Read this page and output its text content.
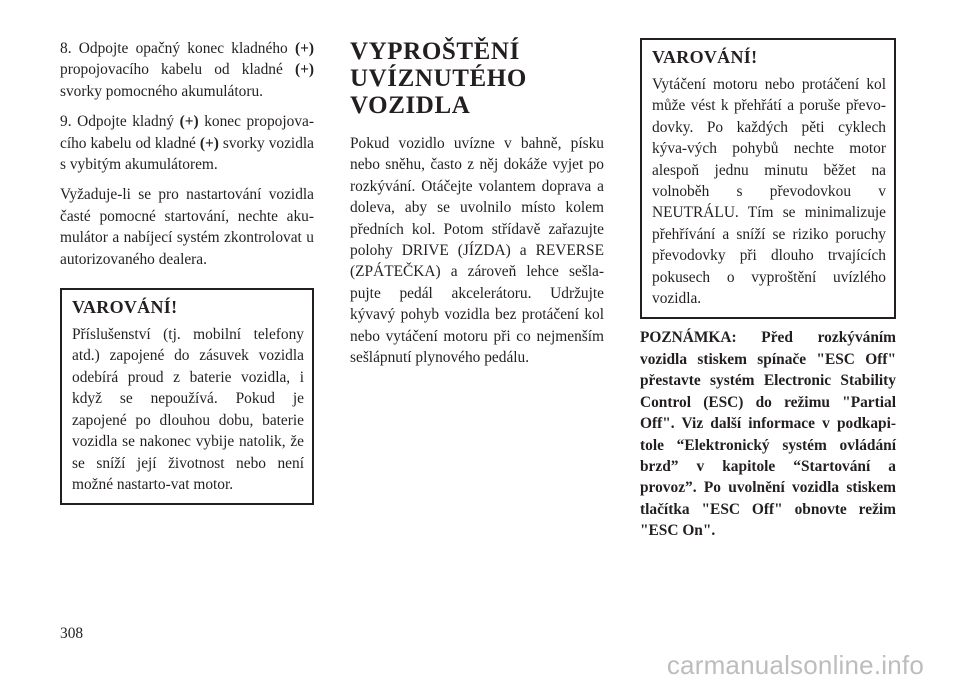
8. Odpojte opačný konec kladného (+) propojovacího kabelu od kladné (+) svorky pomocného akumulátoru.

9. Odpojte kladný (+) konec propojova-cího kabelu od kladné (+) svorky vozidla s vybitým akumulátorem.

Vyžaduje-li se pro nastartování vozidla časté pomocné startování, nechte aku-mulátor a nabíjecí systém zkontrolovat u autorizovaného dealera.

VAROVÁNÍ!

Příslušenství (tj. mobilní telefony atd.) zapojené do zásuvek vozidla odebírá proud z baterie vozidla, i když se nepoužívá. Pokud je zapojené po dlouhou dobu, baterie vozidla se nakonec vybije natolik, že se sníží její životnost nebo není možné nastarto-vat motor.

VYPROŠTĚNÍ UVÍZNUTÉHO VOZIDLA

Pokud vozidlo uvízne v bahně, písku nebo sněhu, často z něj dokáže vyjet po rozkývání. Otáčejte volantem doprava a doleva, aby se uvolnilo místo kolem předních kol. Potom střídavě zařazujte polohy DRIVE (JÍZDA) a REVERSE (ZPÁTEČKA) a zároveň lehce sešla-pujte pedál akcelerátoru. Udržujte kývavý pohyb vozidla bez protáčení kol nebo vytáčení motoru při co nejmenším sešlápnutí plynového pedálu.

VAROVÁNÍ!

Vytáčení motoru nebo protáčení kol může vést k přehřátí a poruše převo-dovky. Po každých pěti cyklech kýva-vých pohybů nechte motor alespoň jednu minutu běžet na volnoběh s převodovkou v NEUTRÁLU. Tím se minimalizuje přehřívání a sníží se riziko poruchy převodovky při dlouho trvajících pokusech o vyproštění uvízlého vozidla.

POZNÁMKA: Před rozkýváním vozidla stiskem spínače "ESC Off" přestavte systém Electronic Stability Control (ESC) do režimu "Partial Off". Viz další informace v podkapi-tole “Elektronický systém ovládání brzd” v kapitole “Startování a provoz”. Po uvolnění vozidla stiskem tlačítka "ESC Off" obnovte režim "ESC On".

308
carmanualsonline.info
